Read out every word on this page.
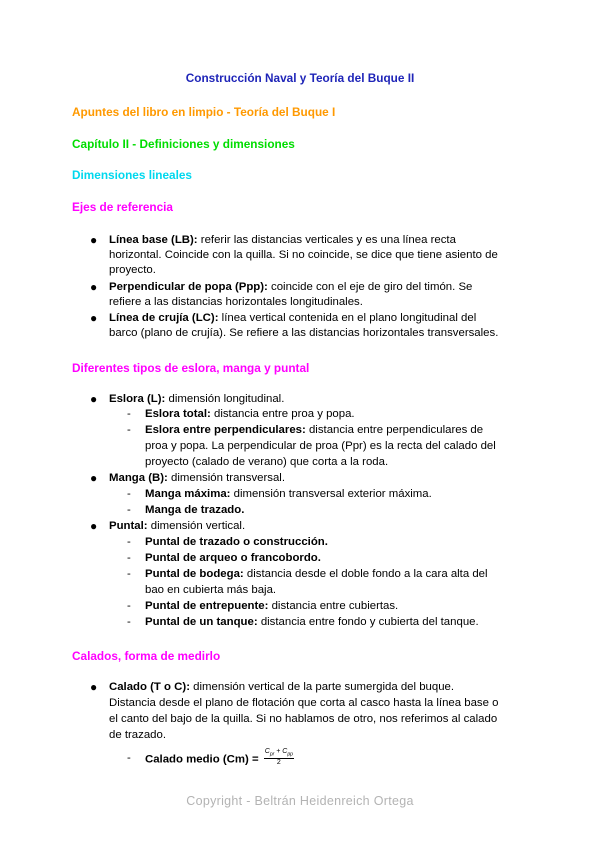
Construcción Naval y Teoría del Buque II
Apuntes del libro en limpio - Teoría del Buque I
Capítulo II - Definiciones y dimensiones
Dimensiones lineales
Ejes de referencia
● Línea base (LB): referir las distancias verticales y es una línea recta
horizontal. Coincide con la quilla. Si no coincide, se dice que tiene asiento de
proyecto.
● Perpendicular de popa (Ppp): coincide con el eje de giro del timón. Se
refiere a las distancias horizontales longitudinales.
● Línea de crujía (LC): línea vertical contenida en el plano longitudinal del
barco (plano de crujía). Se refiere a las distancias horizontales transversales.
Diferentes tipos de eslora, manga y puntal
● Eslora (L): dimensión longitudinal.
- Eslora total: distancia entre proa y popa.
- Eslora entre perpendiculares: distancia entre perpendiculares de
proa y popa. La perpendicular de proa (Ppr) es la recta del calado del
proyecto (calado de verano) que corta a la roda.
● Manga (B): dimensión transversal.
- Manga máxima: dimensión transversal exterior máxima.
- Manga de trazado.
● Puntal: dimensión vertical.
- Puntal de trazado o construcción.
- Puntal de arqueo o francobordo.
- Puntal de bodega: distancia desde el doble fondo a la cara alta del
bao en cubierta más baja.
- Puntal de entrepuente: distancia entre cubiertas.
- Puntal de un tanque: distancia entre fondo y cubierta del tanque.
Calados, forma de medirlo
● Calado (T o C): dimensión vertical de la parte sumergida del buque.
Distancia desde el plano de flotación que corta al casco hasta la línea base o
el canto del bajo de la quilla. Si no hablamos de otro, nos referimos al calado
de trazado.
- Calado medio $(Cm) = \frac{C_{pr} + C_{pp}}{2}$
Copyright - Beltrán Heidenreich Ortega
